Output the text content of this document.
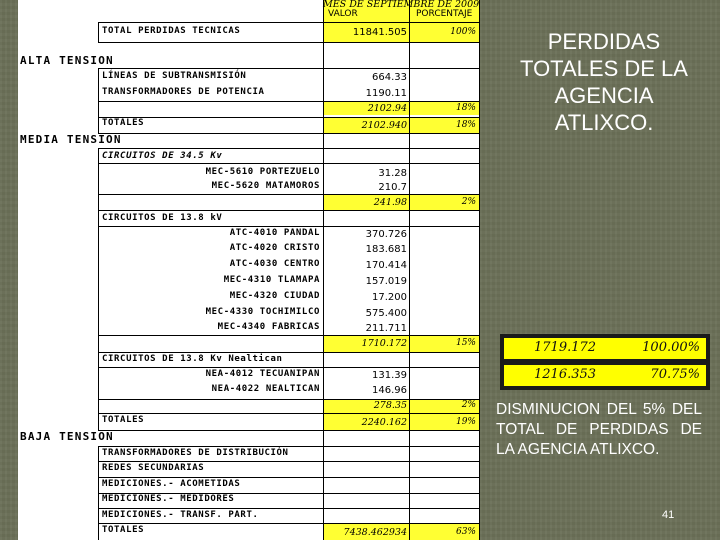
MES DE SEPTIEMBRE DE 2009
VALOR	PORCENTAJE
TOTAL PERDIDAS TECNICAS	11841.505	100%
ALTA TENSION
LÍNEAS DE SUBTRANSMISIÓN	664.33
TRANSFORMADORES DE POTENCIA	1190.11
2102.94	18%
TOTALES	2102.940	18%
MEDIA TENSION
CIRCUITOS DE 34.5 Kv
MEC-5610 PORTEZUELO	31.28
MEC-5620 MATAMOROS	210.7
241.98	2%
CIRCUITOS DE 13.8 kV
ATC-4010 PANDAL	370.726
ATC-4020 CRISTO	183.681
ATC-4030 CENTRO	170.414
MEC-4310 TLAMAPA	157.019
MEC-4320 CIUDAD	17.200
MEC-4330 TOCHIMILCO	575.400
MEC-4340 FABRICAS	211.711
1710.172	15%
CIRCUITOS DE 13.8 Kv Nealtican
NEA-4012 TECUANIPAN	131.39
NEA-4022 NEALTICAN	146.96
278.35	2%
TOTALES	2240.162	19%
BAJA TENSION
TRANSFORMADORES DE DISTRIBUCIÓN
REDES SECUNDARIAS
MEDICIONES.- ACOMETIDAS
MEDICIONES.- MEDIDORES
MEDICIONES.- TRANSF. PART.
TOTALES	7438.462934	63%
PERDIDAS
TOTALES DE LA
AGENCIA
ATLIXCO.
1719.172	100.00%
1216.353	70.75%
DISMINUCION DEL 5% DEL TOTAL DE PERDIDAS DE LA AGENCIA ATLIXCO.
41
